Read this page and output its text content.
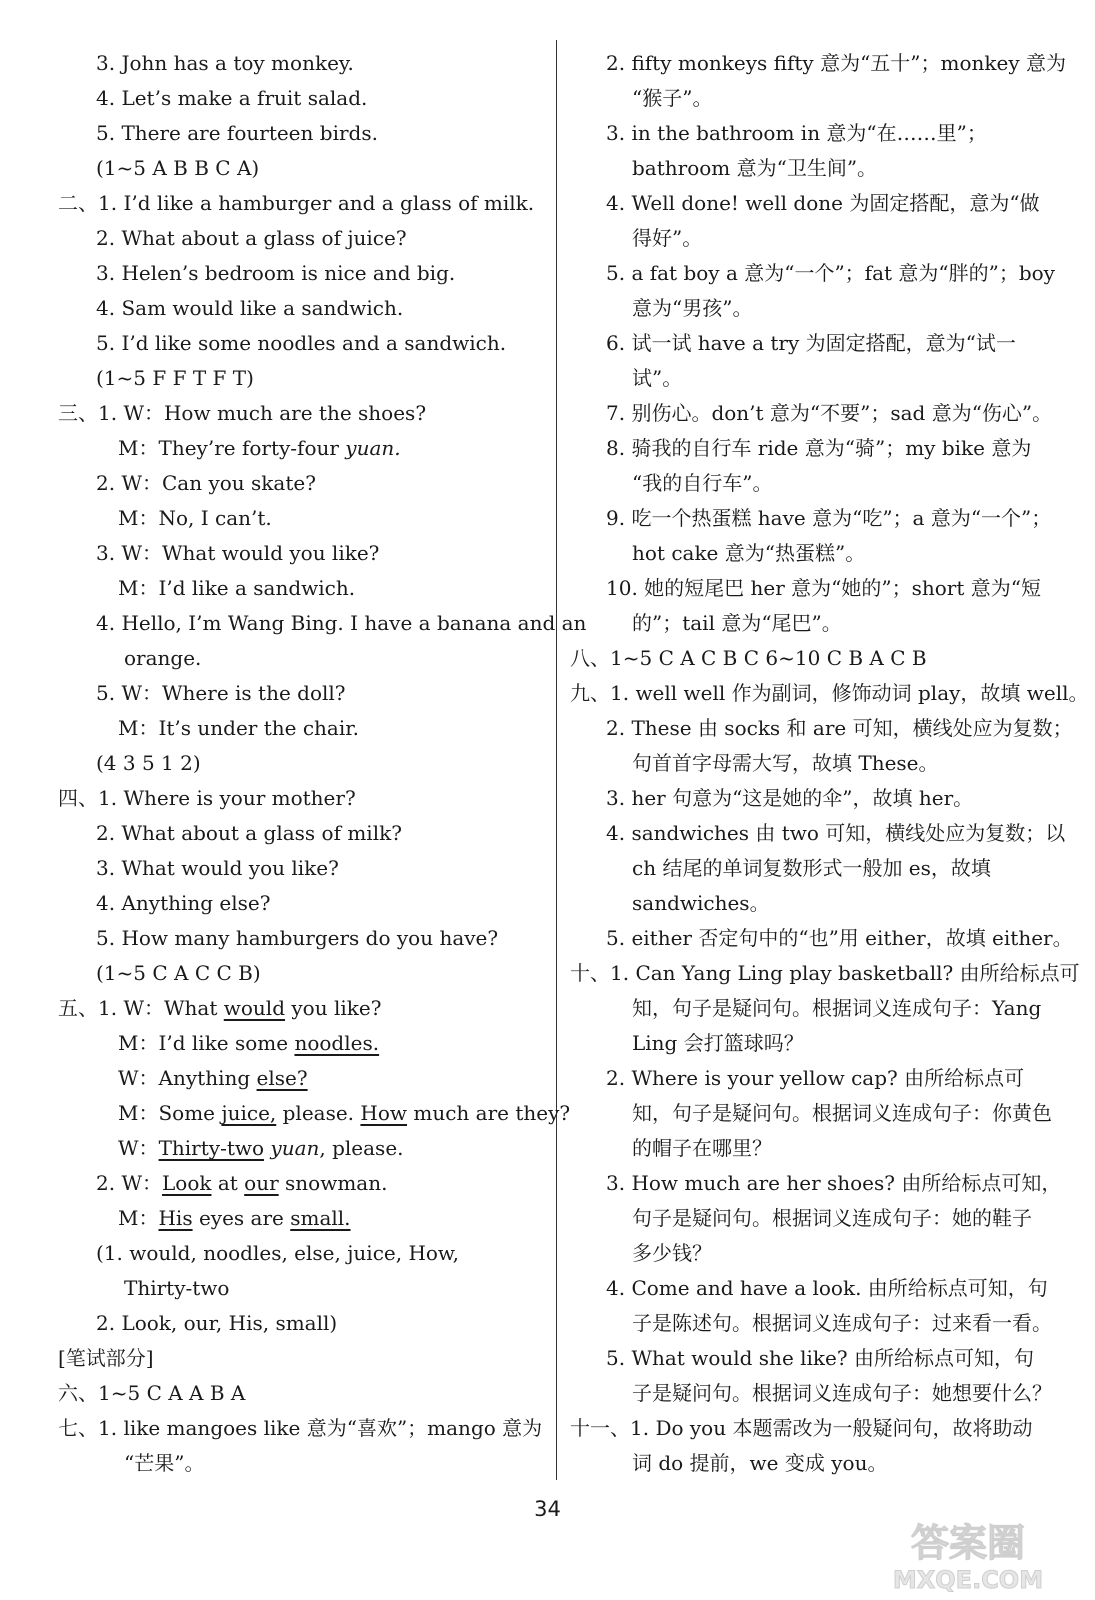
3. John has a toy monkey.
4. Let’s make a fruit salad.
5. There are fourteen birds.
(1~5 A B B C A)
二、1. I’d like a hamburger and a glass of milk.
2. What about a glass of juice?
3. Helen’s bedroom is nice and big.
4. Sam would like a sandwich.
5. I’d like some noodles and a sandwich.
(1~5 F F T F T)
三、1. W：How much are the shoes?
M：They’re forty-four yuan.
2. W：Can you skate?
M：No, I can’t.
3. W：What would you like?
M：I’d like a sandwich.
4. Hello, I’m Wang Bing. I have a banana and an
orange.
5. W：Where is the doll?
M：It’s under the chair.
(4 3 5 1 2)
四、1. Where is your mother?
2. What about a glass of milk?
3. What would you like?
4. Anything else?
5. How many hamburgers do you have?
(1~5 C A C C B)
五、1. W：What would you like?
M：I’d like some noodles.
W：Anything else?
M：Some juice, please. How much are they?
W：Thirty-two yuan, please.
2. W：Look at our snowman.
M：His eyes are small.
(1. would, noodles, else, juice, How,
Thirty-two
2. Look, our, His, small)
[笔试部分]
六、1~5 C A A B A
七、1. like mangoes like 意为“喜欢”；mango 意为
“芒果”。
2. fifty monkeys fifty 意为“五十”；monkey 意为
“猴子”。
3. in the bathroom in 意为“在……里”；
bathroom 意为“卫生间”。
4. Well done! well done 为固定搭配，意为“做
得好”。
5. a fat boy a 意为“一个”；fat 意为“胖的”；boy
意为“男孩”。
6. 试一试 have a try 为固定搭配，意为“试一
试”。
7. 别伤心。don’t 意为“不要”；sad 意为“伤心”。
8. 骑我的自行车 ride 意为“骑”；my bike 意为
“我的自行车”。
9. 吃一个热蛋糕 have 意为“吃”；a 意为“一个”；
hot cake 意为“热蛋糕”。
10. 她的短尾巴 her 意为“她的”；short 意为“短
的”；tail 意为“尾巴”。
八、1~5 C A C B C 6~10 C B A C B
九、1. well well 作为副词，修饰动词 play，故填 well。
2. These 由 socks 和 are 可知，横线处应为复数；
句首首字母需大写，故填 These。
3. her 句意为“这是她的伞”，故填 her。
4. sandwiches 由 two 可知，横线处应为复数；以
ch 结尾的单词复数形式一般加 es，故填
sandwiches。
5. either 否定句中的“也”用 either，故填 either。
十、1. Can Yang Ling play basketball? 由所给标点可
知，句子是疑问句。根据词义连成句子：Yang
Ling 会打篮球吗？
2. Where is your yellow cap? 由所给标点可
知，句子是疑问句。根据词义连成句子：你黄色
的帽子在哪里？
3. How much are her shoes? 由所给标点可知，
句子是疑问句。根据词义连成句子：她的鞋子
多少钱？
4. Come and have a look. 由所给标点可知，句
子是陈述句。根据词义连成句子：过来看一看。
5. What would she like? 由所给标点可知，句
子是疑问句。根据词义连成句子：她想要什么？
十一、1. Do you 本题需改为一般疑问句，故将助动
词 do 提前，we 变成 you。
34
答案圈
MXQE.COM
